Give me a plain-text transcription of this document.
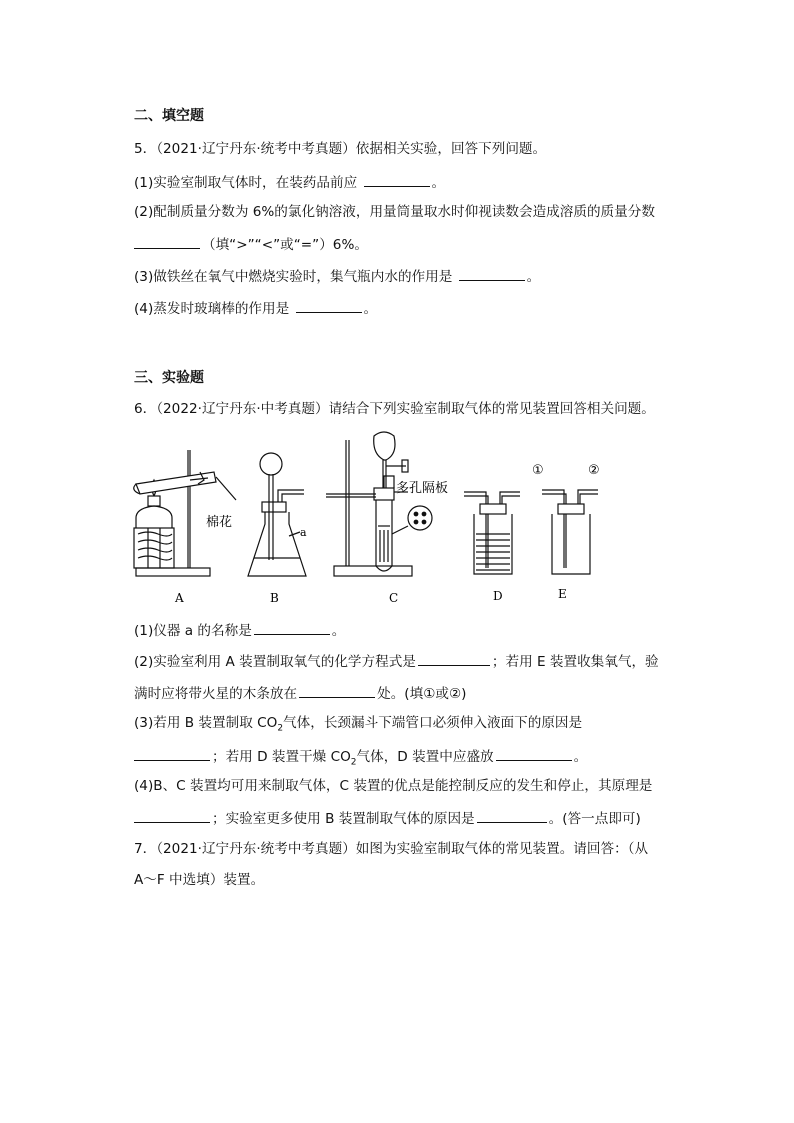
二、填空题
5．（2021·辽宁丹东·统考中考真题）依据相关实验，回答下列问题。
(1)实验室制取气体时，在装药品前应	。
(2)配制质量分数为 6%的氯化钠溶液，用量筒量取水时仰视读数会造成溶质的质量分数
（填“>”“<”或“=”）6%。
(3)做铁丝在氧气中燃烧实验时，集气瓶内水的作用是	。
(4)蒸发时玻璃棒的作用是	。
三、实验题
6．（2022·辽宁丹东·中考真题）请结合下列实验室制取气体的常见装置回答相关问题。
棉花
a
多孔隔板
①	②
A	B	C	D	E
(1)仪器 a 的名称是	。
(2)实验室利用 A 装置制取氧气的化学方程式是	；若用 E 装置收集氧气，验
满时应将带火星的木条放在	处。(填①或②)
(3)若用 B 装置制取 $CO_2$气体，长颈漏斗下端管口必须伸入液面下的原因是
；若用 D 装置干燥 $CO_2$气体，D 装置中应盛放	。
(4)B、C 装置均可用来制取气体，C 装置的优点是能控制反应的发生和停止，其原理是
；实验室更多使用 B 装置制取气体的原因是	。(答一点即可)
7．（2021·辽宁丹东·统考中考真题）如图为实验室制取气体的常见装置。请回答：（从
A～F 中选填）装置。
